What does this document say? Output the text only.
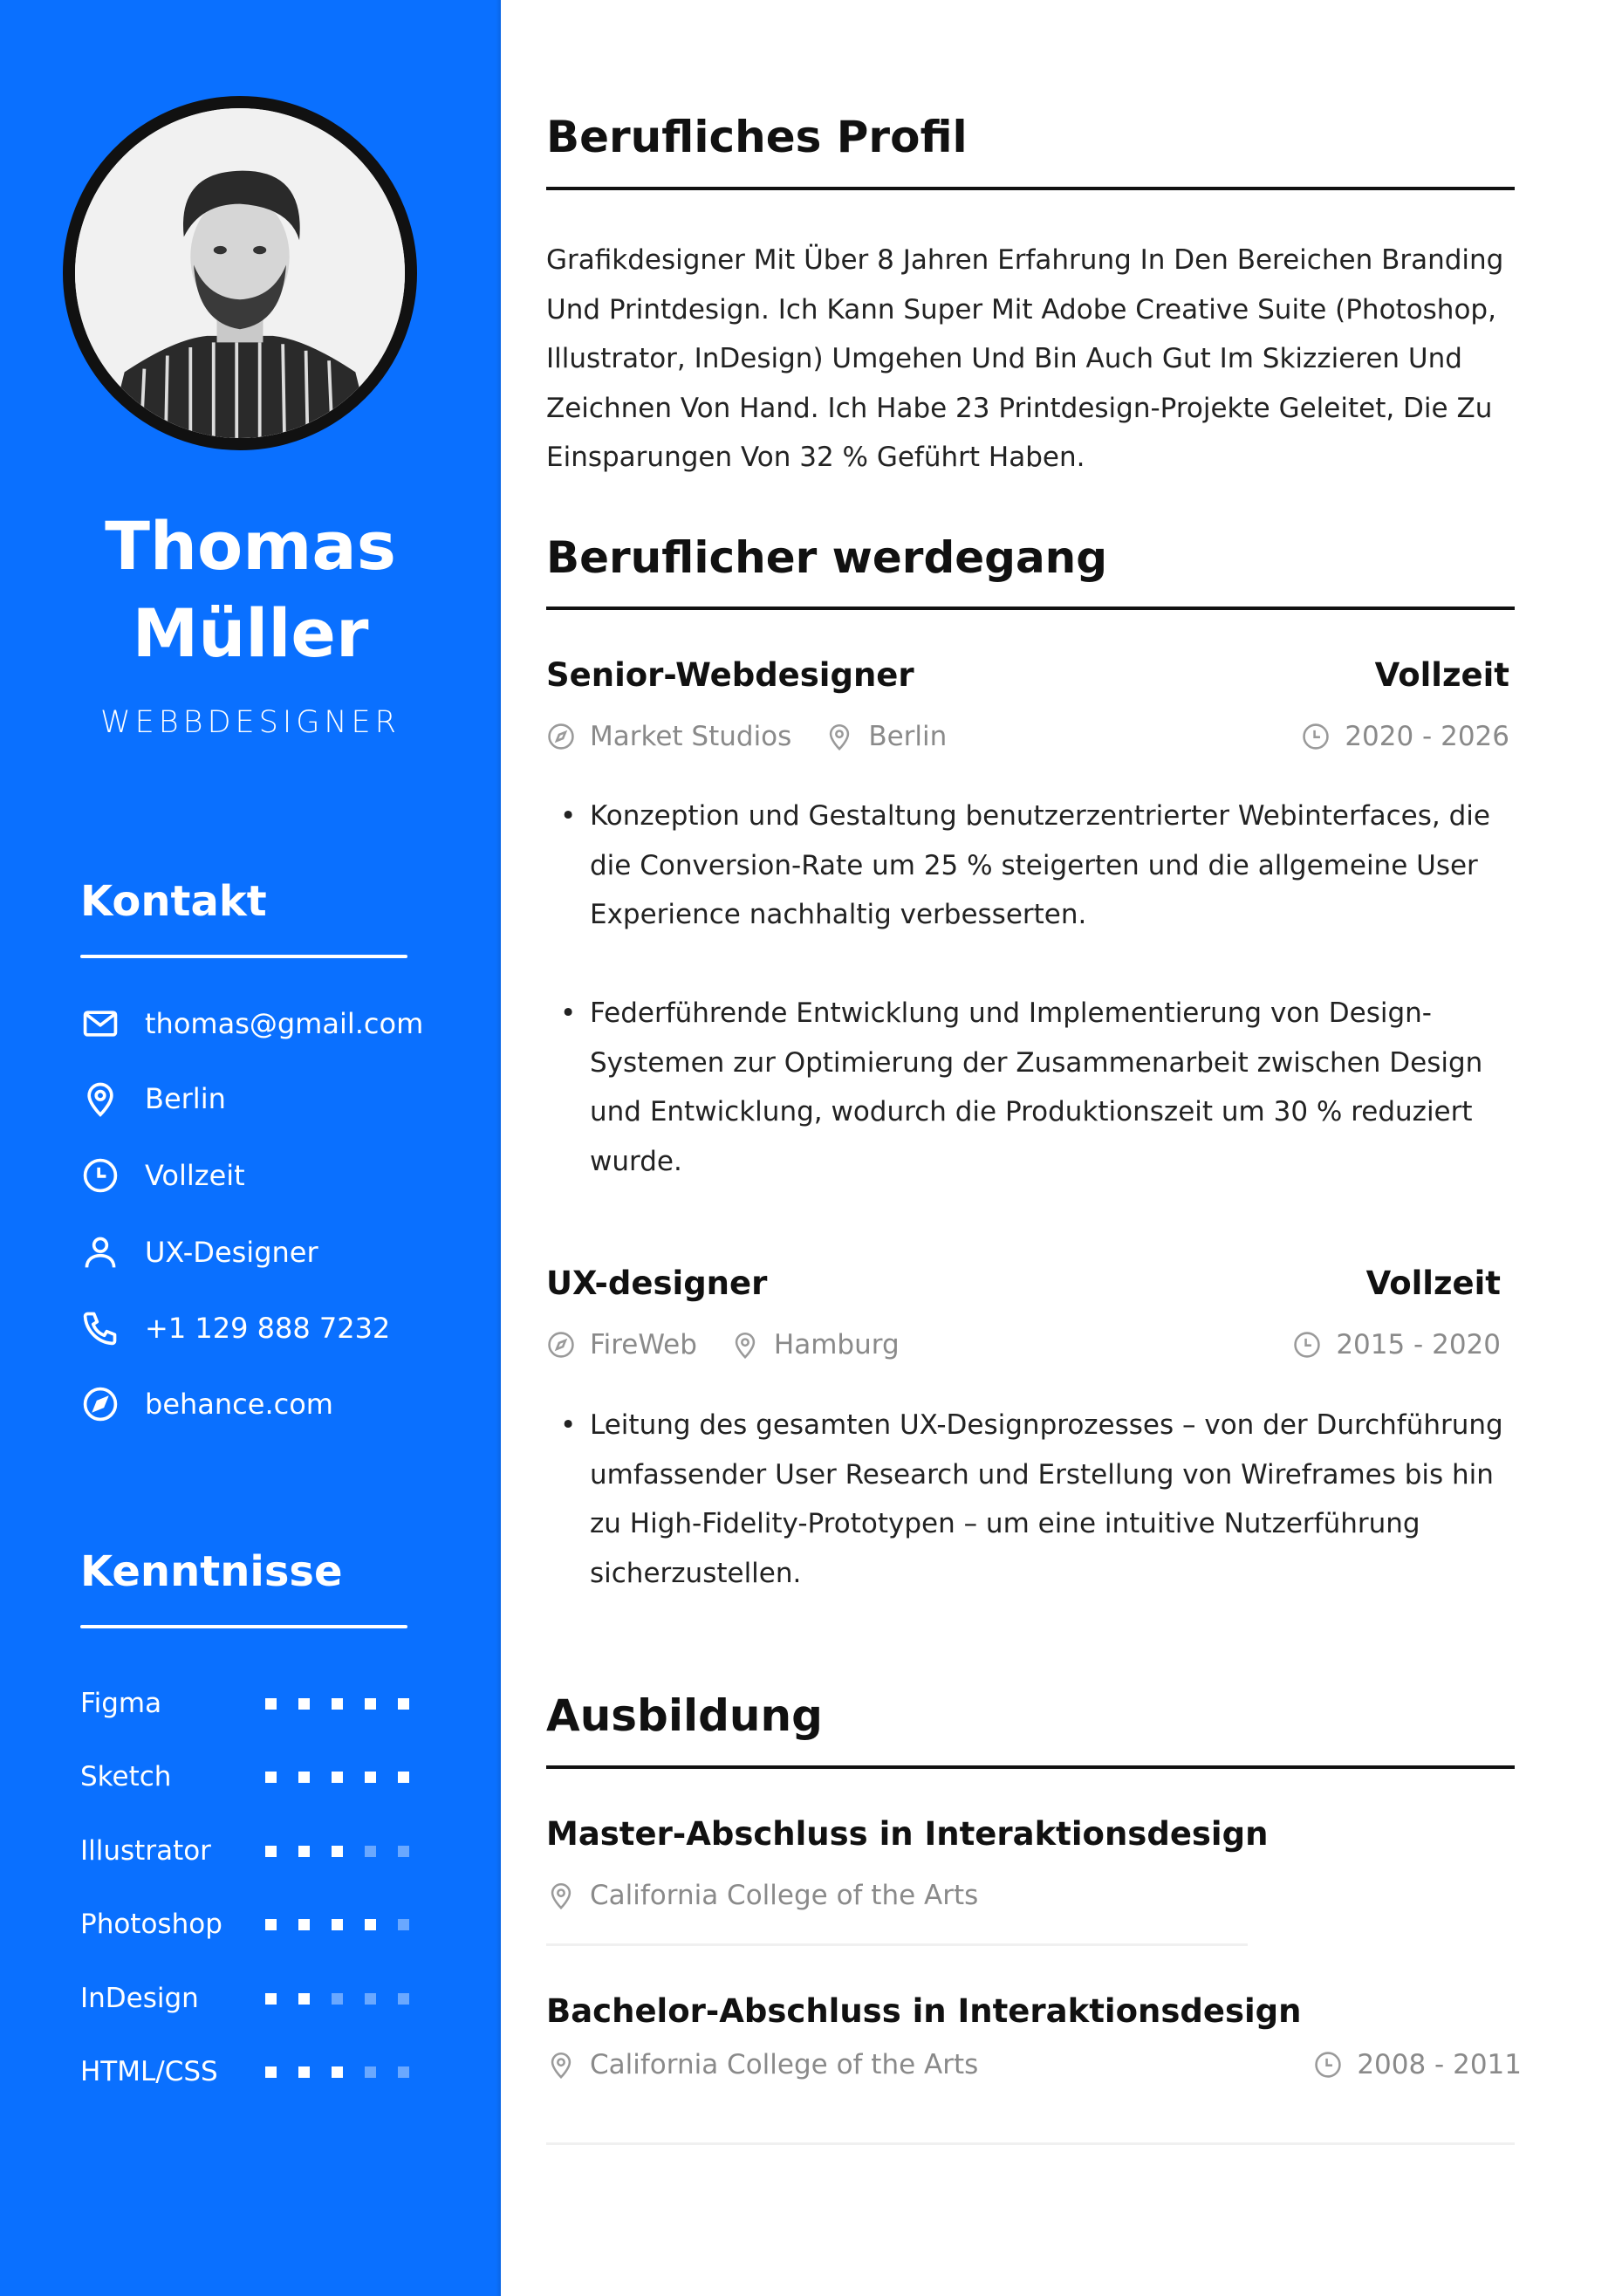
Thomas
Müller
WEBBDESIGNER
Kontakt
thomas@gmail.com
Berlin
Vollzeit
UX-Designer
+1 129 888 7232
behance.com
Kenntnisse
Figma
Sketch
Illustrator
Photoshop
InDesign
HTML/CSS
Berufliches Profil
Grafikdesigner Mit Über 8 Jahren Erfahrung In Den Bereichen Branding Und Printdesign. Ich Kann Super Mit Adobe Creative Suite (Photoshop, Illustrator, InDesign) Umgehen Und Bin Auch Gut Im Skizzieren Und Zeichnen Von Hand. Ich Habe 23 Printdesign-Projekte Geleitet, Die Zu Einsparungen Von 32 % Geführt Haben.
Beruflicher werdegang
Senior-Webdesigner	Vollzeit
Market Studios	Berlin	2020 - 2026
• Konzeption und Gestaltung benutzerzentrierter Webinterfaces, die die Conversion-Rate um 25 % steigerten und die allgemeine User Experience nachhaltig verbesserten.
• Federführende Entwicklung und Implementierung von Design-Systemen zur Optimierung der Zusammenarbeit zwischen Design und Entwicklung, wodurch die Produktionszeit um 30 % reduziert wurde.
UX-designer	Vollzeit
FireWeb	Hamburg	2015 - 2020
• Leitung des gesamten UX-Designprozesses – von der Durchführung umfassender User Research und Erstellung von Wireframes bis hin zu High-Fidelity-Prototypen – um eine intuitive Nutzerführung sicherzustellen.
Ausbildung
Master-Abschluss in Interaktionsdesign
California College of the Arts
Bachelor-Abschluss in Interaktionsdesign
California College of the Arts	2008 - 2011
